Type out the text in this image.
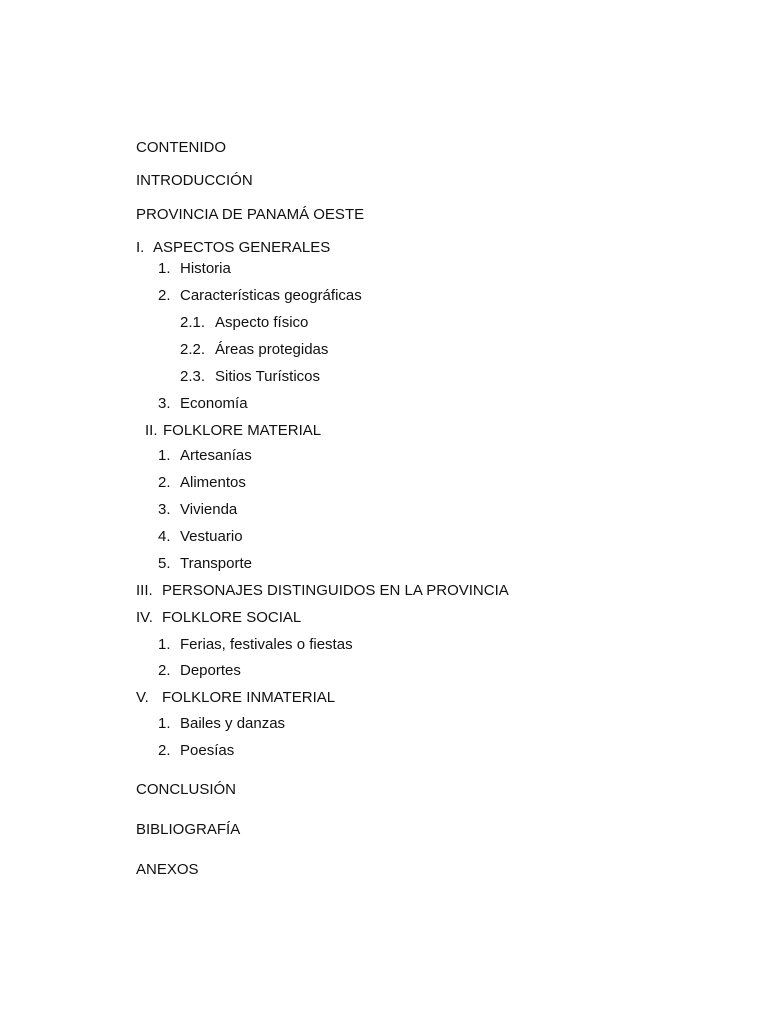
CONTENIDO
INTRODUCCIÓN
PROVINCIA DE PANAMÁ OESTE
I. ASPECTOS GENERALES
1. Historia
2. Características geográficas
2.1. Aspecto físico
2.2. Áreas protegidas
2.3. Sitios Turísticos
3. Economía
II. FOLKLORE MATERIAL
1. Artesanías
2. Alimentos
3. Vivienda
4. Vestuario
5. Transporte
III. PERSONAJES DISTINGUIDOS EN LA PROVINCIA
IV. FOLKLORE SOCIAL
1. Ferias, festivales o fiestas
2. Deportes
V. FOLKLORE INMATERIAL
1. Bailes y danzas
2. Poesías
CONCLUSIÓN
BIBLIOGRAFÍA
ANEXOS
